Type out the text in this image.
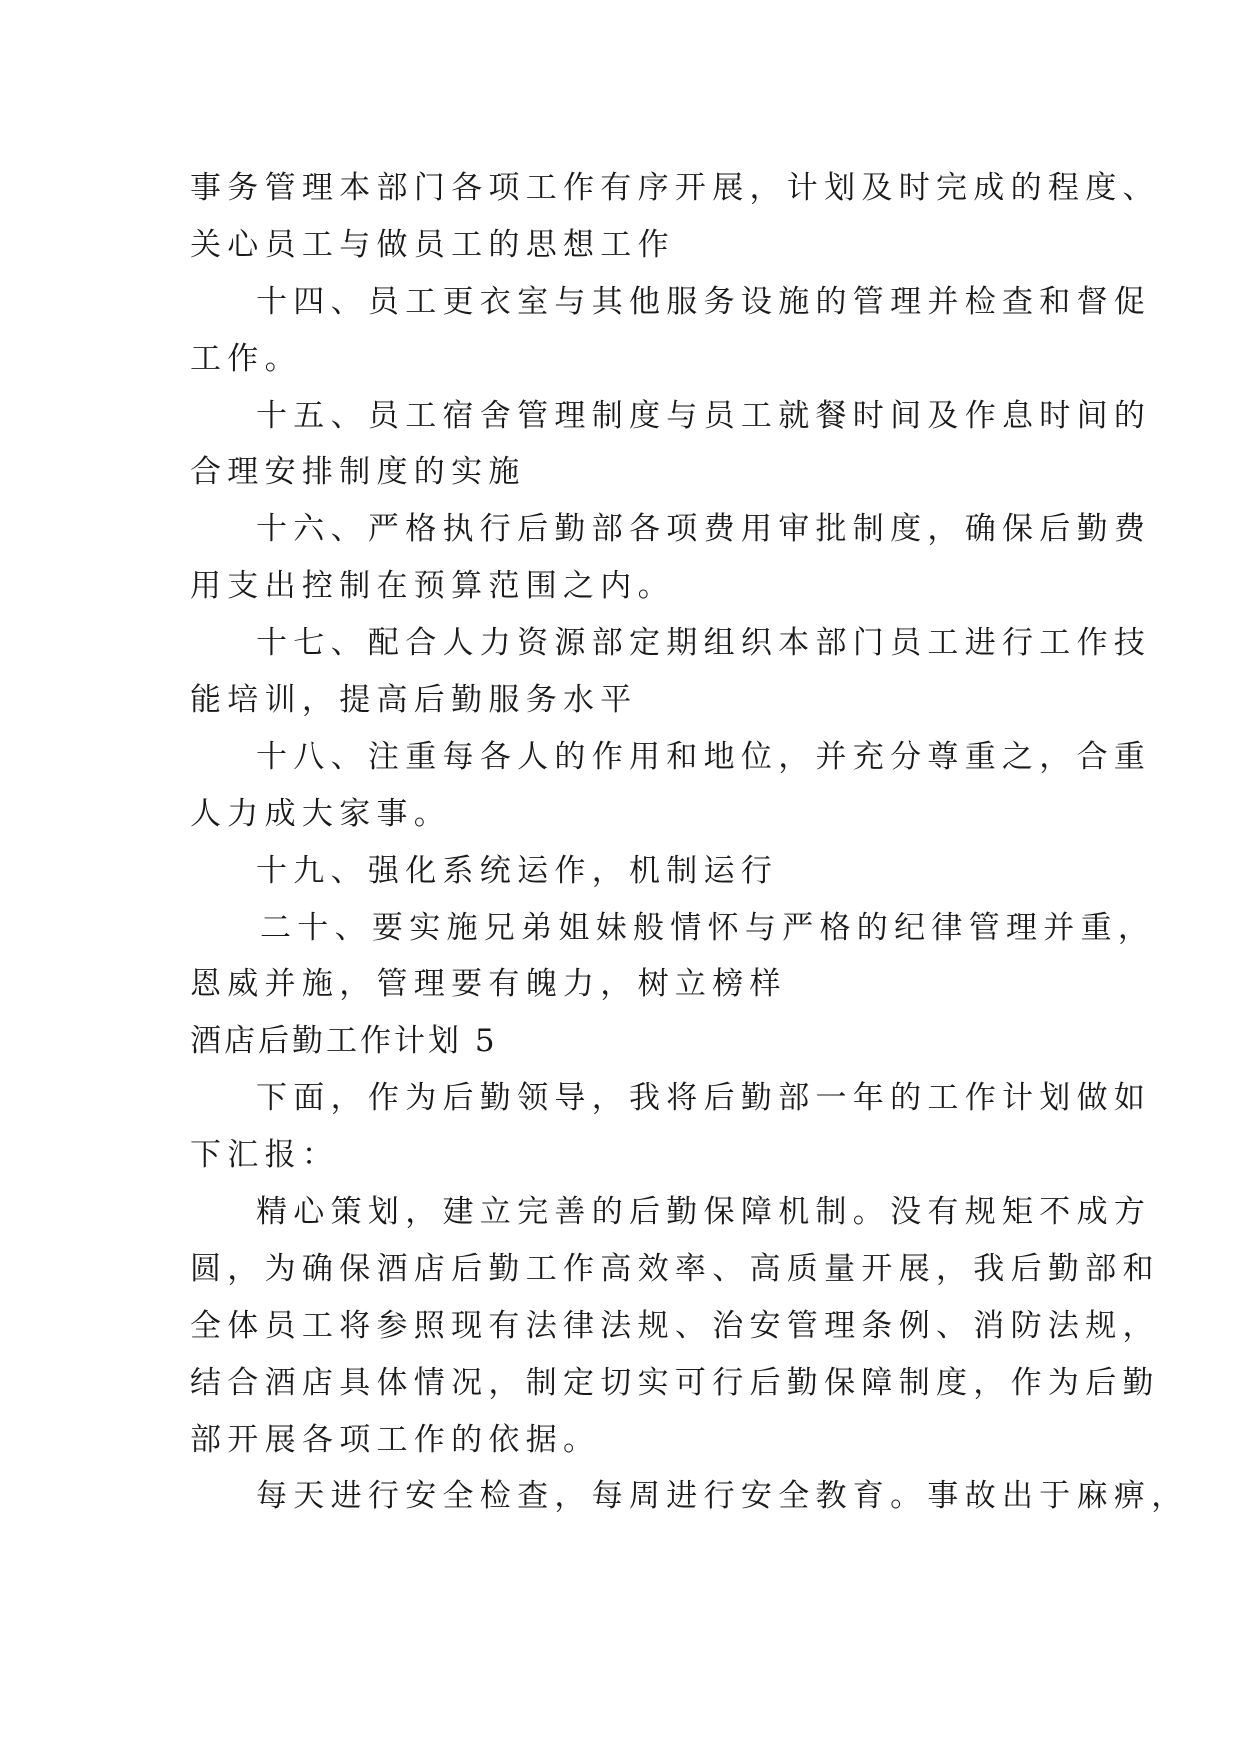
事务管理本部门各项工作有序开展，计划及时完成的程度、
关心员工与做员工的思想工作
十四、员工更衣室与其他服务设施的管理并检查和督促
工作。
十五、员工宿舍管理制度与员工就餐时间及作息时间的
合理安排制度的实施
十六、严格执行后勤部各项费用审批制度，确保后勤费
用支出控制在预算范围之内。
十七、配合人力资源部定期组织本部门员工进行工作技
能培训，提高后勤服务水平
十八、注重每各人的作用和地位，并充分尊重之，合重
人力成大家事。
十九、强化系统运作，机制运行
二十、要实施兄弟姐妹般情怀与严格的纪律管理并重，
恩威并施，管理要有魄力，树立榜样
酒店后勤工作计划 5
下面，作为后勤领导，我将后勤部一年的工作计划做如
下汇报：
精心策划，建立完善的后勤保障机制。没有规矩不成方
圆，为确保酒店后勤工作高效率、高质量开展，我后勤部和
全体员工将参照现有法律法规、治安管理条例、消防法规，
结合酒店具体情况，制定切实可行后勤保障制度，作为后勤
部开展各项工作的依据。
每天进行安全检查，每周进行安全教育。事故出于麻痹，
